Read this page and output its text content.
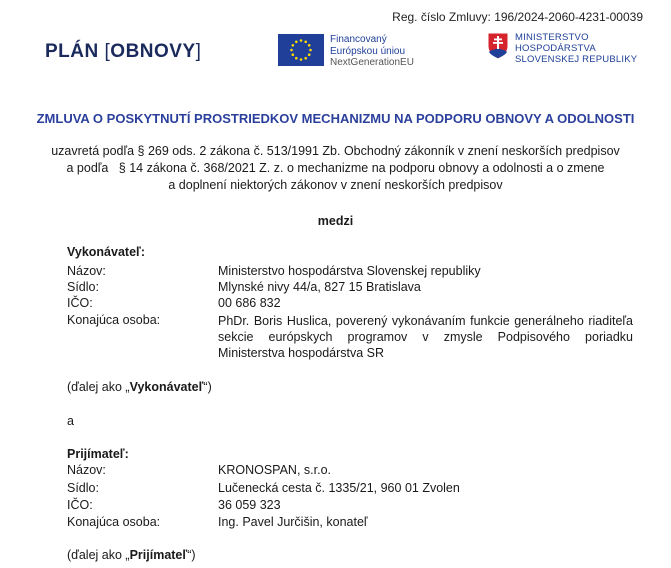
Reg. číslo Zmluvy: 196/2024-2060-4231-00039
PLÁN [OBNOVY]
Financovaný
Európskou úniou
NextGenerationEU
MINISTERSTVO
HOSPODÁRSTVA
SLOVENSKEJ REPUBLIKY
ZMLUVA O POSKYTNUTÍ PROSTRIEDKOV MECHANIZMU NA PODPORU OBNOVY A ODOLNOSTI
uzavretá podľa § 269 ods. 2 zákona č. 513/1991 Zb. Obchodný zákonník v znení neskorších predpisov
a podľa   § 14 zákona č. 368/2021 Z. z. o mechanizme na podporu obnovy a odolnosti a o zmene
a doplnení niektorých zákonov v znení neskorších predpisov
medzi
Vykonávateľ:
Názov:	Ministerstvo hospodárstva Slovenskej republiky
Sídlo:	Mlynské nivy 44/a, 827 15 Bratislava
IČO:	00 686 832
Konajúca osoba:	PhDr. Boris Huslica, poverený vykonávaním funkcie generálneho riaditeľa sekcie európskych programov v zmysle Podpisového poriadku Ministerstva hospodárstva SR
(ďalej ako „Vykonávateľ“)
a
Prijímateľ:
Názov:	KRONOSPAN, s.r.o.
Sídlo:	Lučenecká cesta č. 1335/21, 960 01 Zvolen
IČO:	36 059 323
Konajúca osoba:	Ing. Pavel Jurčišin, konateľ
(ďalej ako „Prijímateľ“)
